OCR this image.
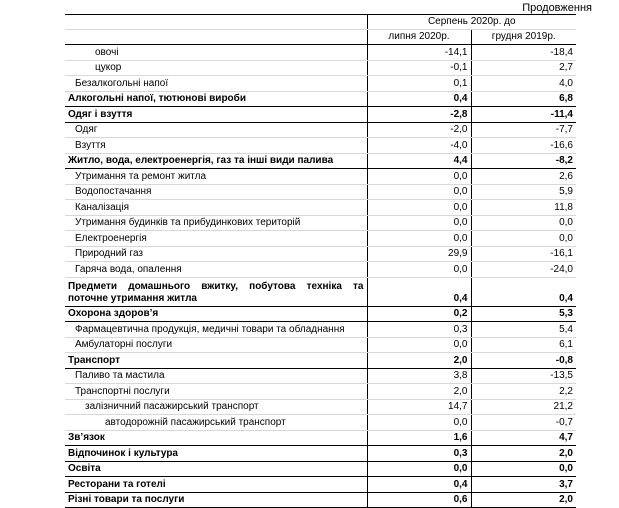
Продовження
	Серпень 2020р. до	
	липня 2020р.	грудня 2019р.
овочі	-14,1	-18,4
цукор	-0,1	2,7
Безалкогольні напої	0,1	4,0
Алкогольні напої, тютюнові вироби	0,4	6,8
Одяг і взуття	-2,8	-11,4
Одяг	-2,0	-7,7
Взуття	-4,0	-16,6
Житло, вода, електроенергія, газ та інші види палива	4,4	-8,2
Утримання та ремонт житла	0,0	2,6
Водопостачання	0,0	5,9
Каналізація	0,0	11,8
Утримання будинків та прибудинкових територій	0,0	0,0
Електроенергія	0,0	0,0
Природний газ	29,9	-16,1
Гаряча вода, опалення	0,0	-24,0
Предмети домашнього вжитку, побутова техніка та поточне утримання житла	0,4	0,4
Охорона здоров’я	0,2	5,3
Фармацевтична продукція, медичні товари та обладнання	0,3	5,4
Амбулаторні послуги	0,0	6,1
Транспорт	2,0	-0,8
Паливо та мастила	3,8	-13,5
Транспортні послуги	2,0	2,2
залізничний пасажирський транспорт	14,7	21,2
автодорожній пасажирський транспорт	0,0	-0,7
Зв’язок	1,6	4,7
Відпочинок і культура	0,3	2,0
Освіта	0,0	0,0
Ресторани та готелі	0,4	3,7
Різні товари та послуги	0,6	2,0
